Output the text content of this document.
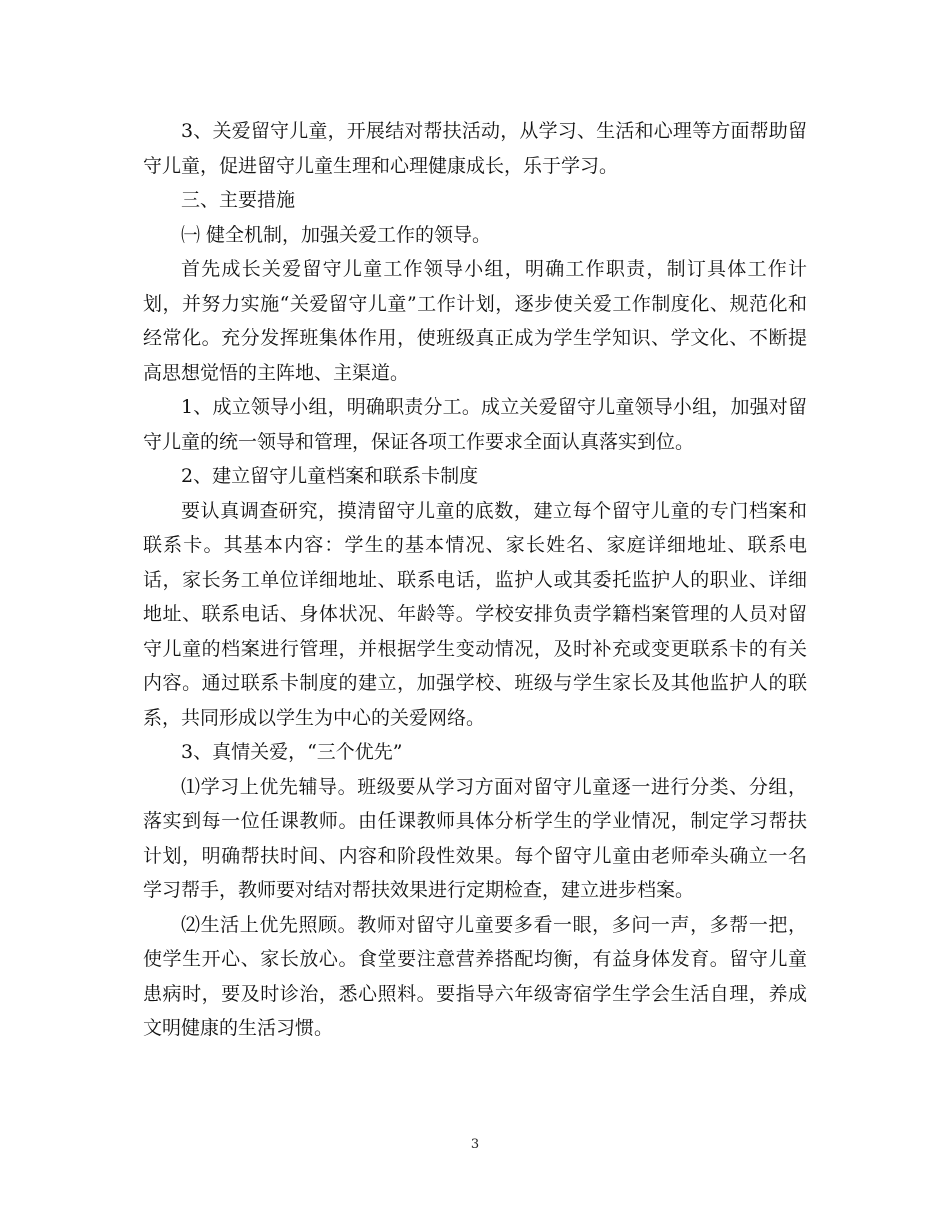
3、关爱留守儿童，开展结对帮扶活动，从学习、生活和心理等方面帮助留守儿童，促进留守儿童生理和心理健康成长，乐于学习。

三、主要措施

㈠ 健全机制，加强关爱工作的领导。

首先成长关爱留守儿童工作领导小组，明确工作职责，制订具体工作计划，并努力实施“关爱留守儿童”工作计划，逐步使关爱工作制度化、规范化和经常化。充分发挥班集体作用，使班级真正成为学生学知识、学文化、不断提高思想觉悟的主阵地、主渠道。

1、成立领导小组，明确职责分工。成立关爱留守儿童领导小组，加强对留守儿童的统一领导和管理，保证各项工作要求全面认真落实到位。

2、建立留守儿童档案和联系卡制度

要认真调查研究，摸清留守儿童的底数，建立每个留守儿童的专门档案和联系卡。其基本内容：学生的基本情况、家长姓名、家庭详细地址、联系电话，家长务工单位详细地址、联系电话，监护人或其委托监护人的职业、详细地址、联系电话、身体状况、年龄等。学校安排负责学籍档案管理的人员对留守儿童的档案进行管理，并根据学生变动情况，及时补充或变更联系卡的有关内容。通过联系卡制度的建立，加强学校、班级与学生家长及其他监护人的联系，共同形成以学生为中心的关爱网络。

3、真情关爱，“三个优先”

⑴学习上优先辅导。班级要从学习方面对留守儿童逐一进行分类、分组，落实到每一位任课教师。由任课教师具体分析学生的学业情况，制定学习帮扶计划，明确帮扶时间、内容和阶段性效果。每个留守儿童由老师牵头确立一名学习帮手，教师要对结对帮扶效果进行定期检查，建立进步档案。

⑵生活上优先照顾。教师对留守儿童要多看一眼，多问一声，多帮一把，使学生开心、家长放心。食堂要注意营养搭配均衡，有益身体发育。留守儿童患病时，要及时诊治，悉心照料。要指导六年级寄宿学生学会生活自理，养成文明健康的生活习惯。

3
